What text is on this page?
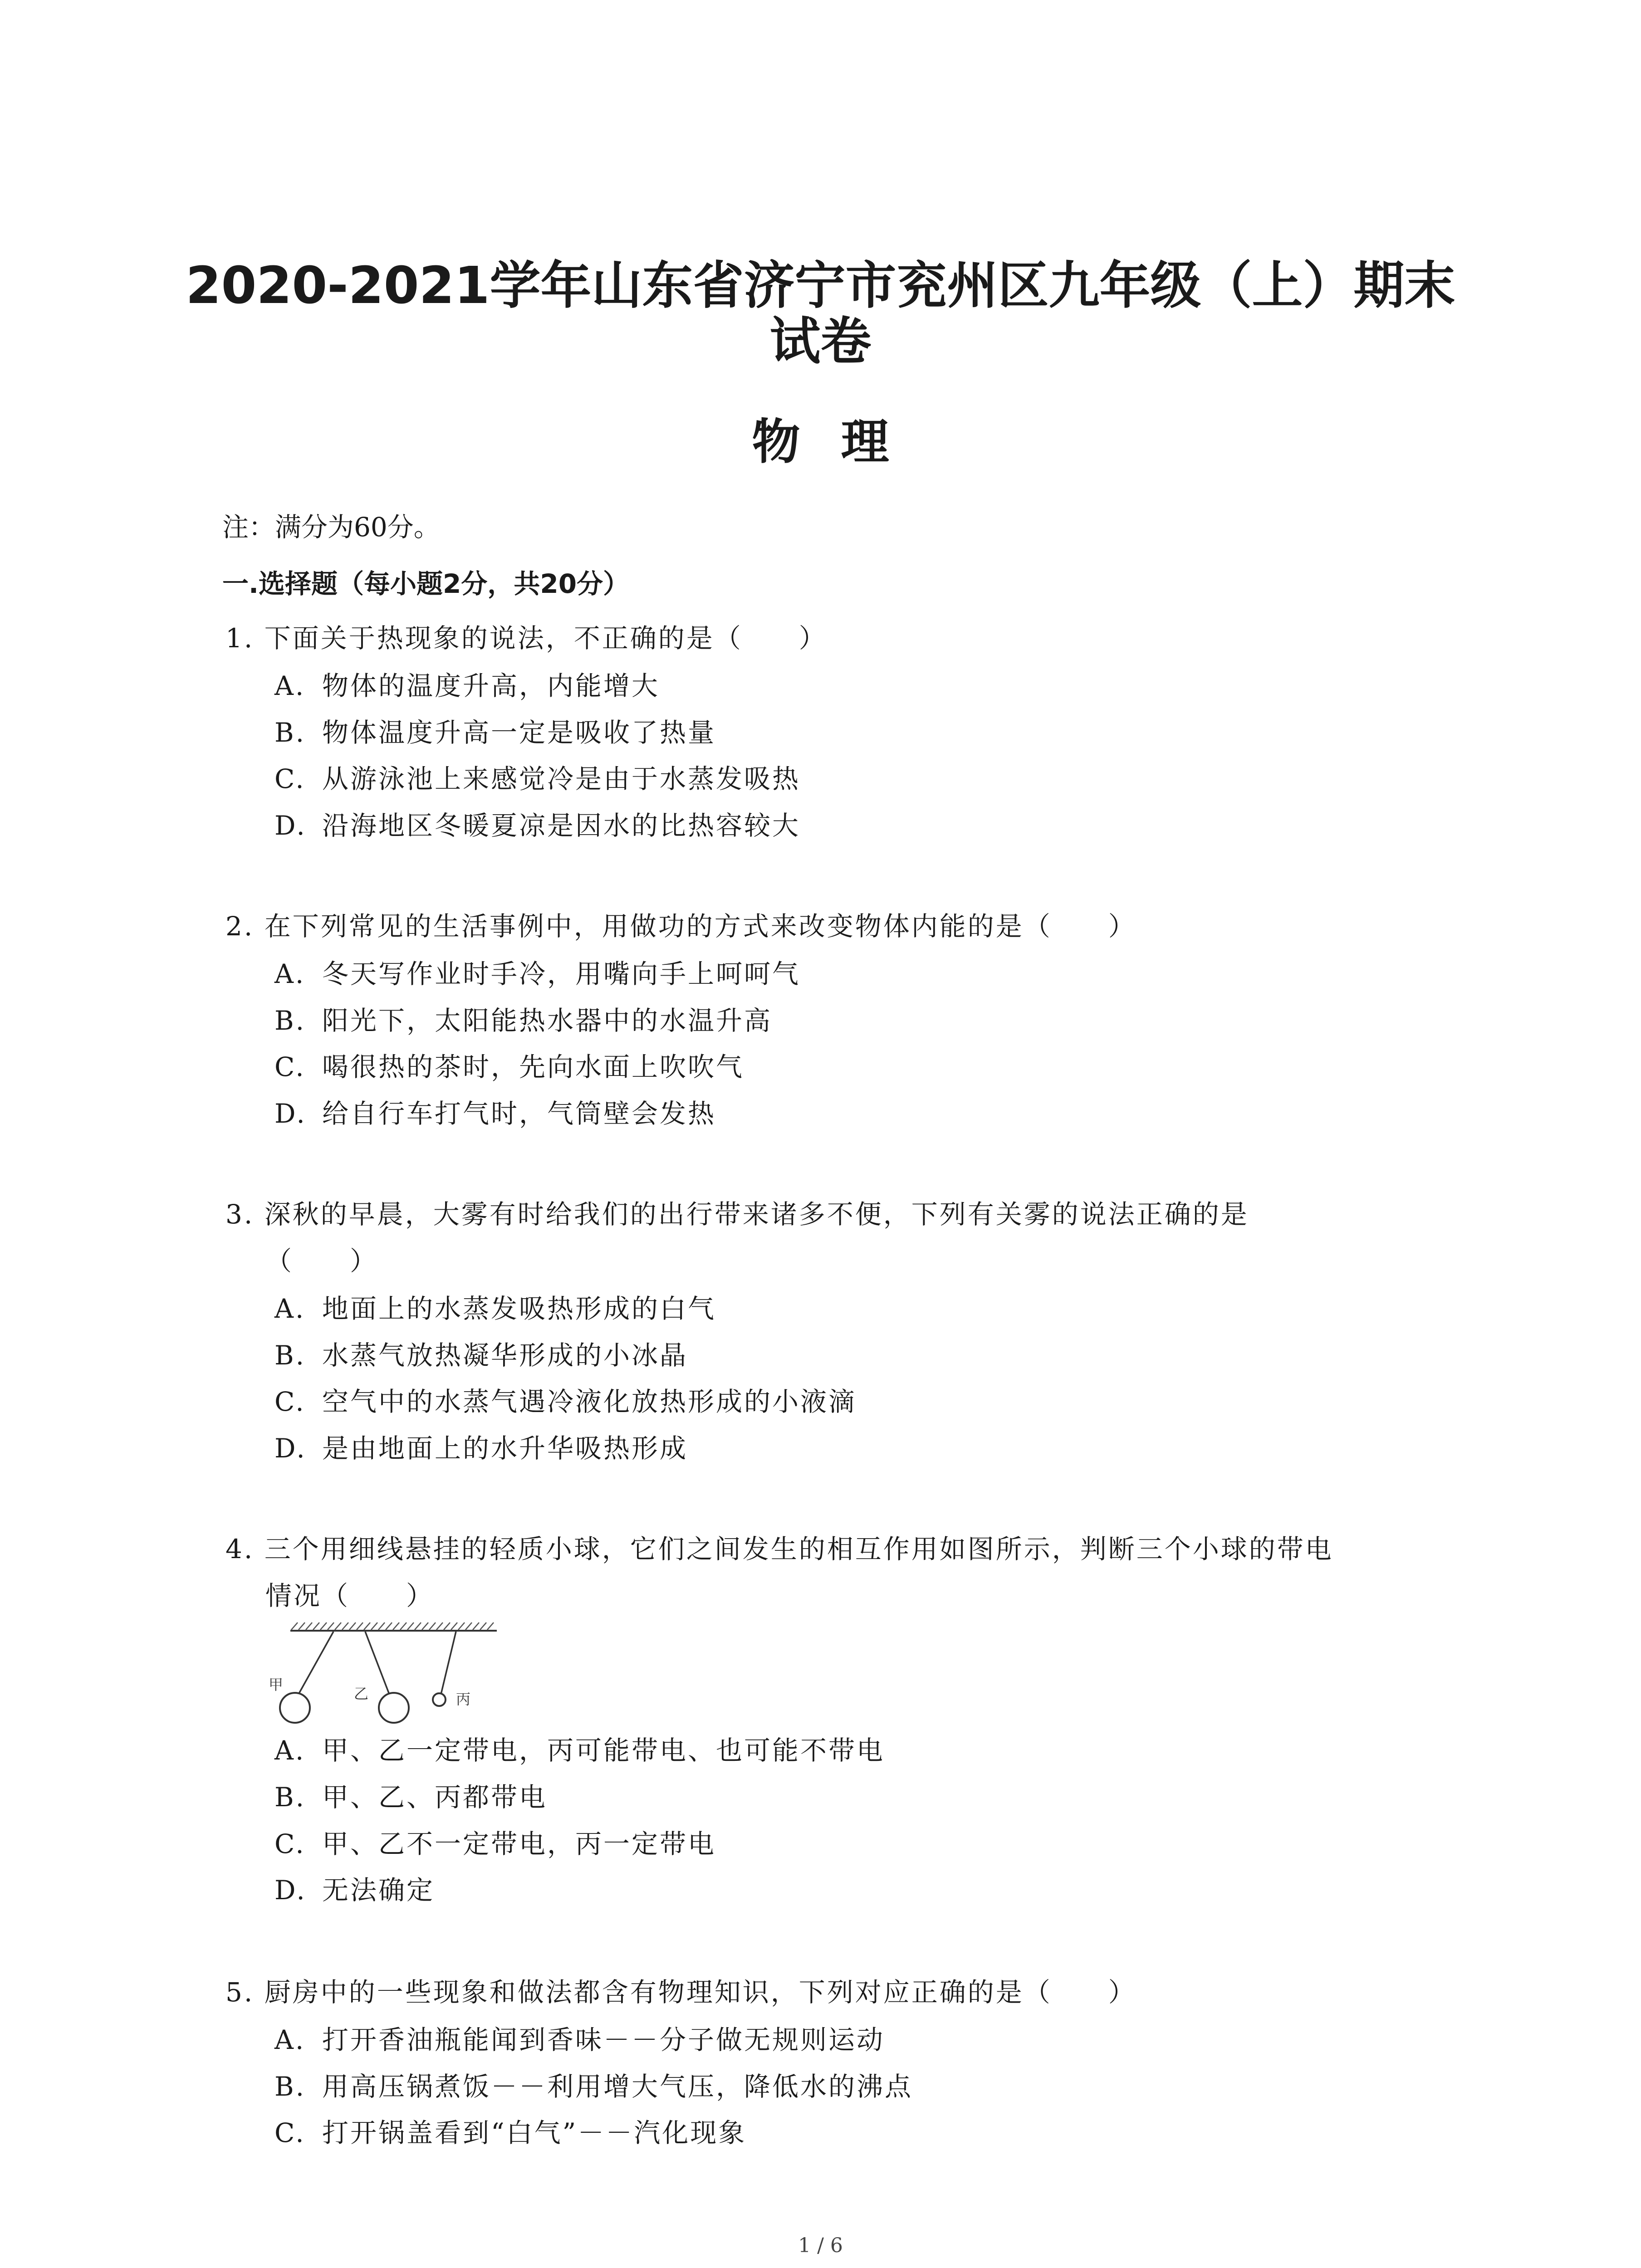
2020-2021学年山东省济宁市兖州区九年级（上）期末
试卷
物理
注：满分为60分。
一.选择题（每小题2分，共20分）
1. 下面关于热现象的说法，不正确的是（　　）
A. 物体的温度升高，内能增大
B. 物体温度升高一定是吸收了热量
C. 从游泳池上来感觉冷是由于水蒸发吸热
D. 沿海地区冬暖夏凉是因水的比热容较大
2. 在下列常见的生活事例中，用做功的方式来改变物体内能的是（　　）
A. 冬天写作业时手冷，用嘴向手上呵呵气
B. 阳光下，太阳能热水器中的水温升高
C. 喝很热的茶时，先向水面上吹吹气
D. 给自行车打气时，气筒壁会发热
3. 深秋的早晨，大雾有时给我们的出行带来诸多不便，下列有关雾的说法正确的是
（　　）
A. 地面上的水蒸发吸热形成的白气
B. 水蒸气放热凝华形成的小冰晶
C. 空气中的水蒸气遇冷液化放热形成的小液滴
D. 是由地面上的水升华吸热形成
4. 三个用细线悬挂的轻质小球，它们之间发生的相互作用如图所示，判断三个小球的带电
情况（　　）
甲
乙	丙
A. 甲、乙一定带电，丙可能带电、也可能不带电
B. 甲、乙、丙都带电
C. 甲、乙不一定带电，丙一定带电
D. 无法确定
5. 厨房中的一些现象和做法都含有物理知识，下列对应正确的是（　　）
A. 打开香油瓶能闻到香味－－分子做无规则运动
B. 用高压锅煮饭－－利用增大气压，降低水的沸点
C. 打开锅盖看到“白气”－－汽化现象
1 / 6
